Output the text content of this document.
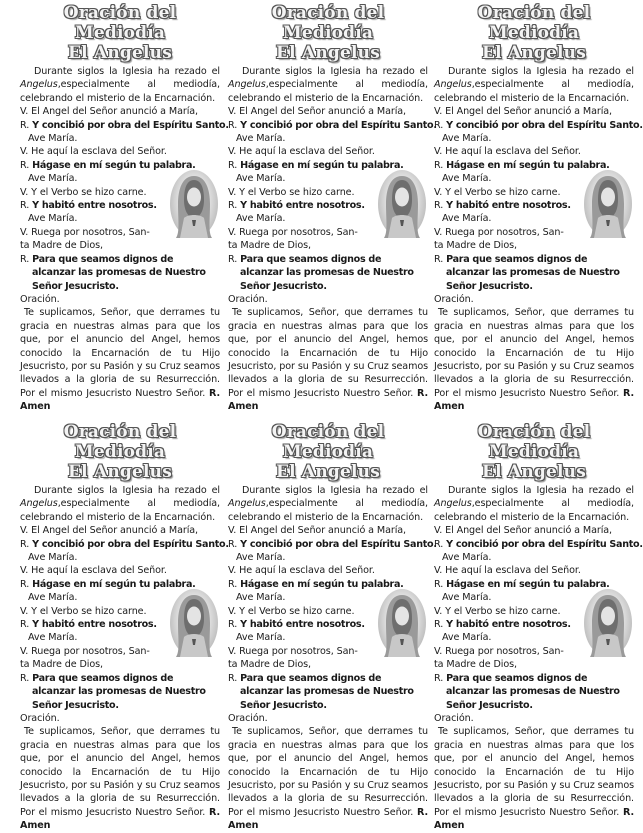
Oración del Mediodía
El Angelus
Durante siglos la Iglesia ha rezado el Angelus,especialmente al mediodía, celebrando el misterio de la Encarnación.
V. El Angel del Señor anunció a María,
R. Y concibió por obra del Espíritu Santo.
Ave María.
V. He aquí la esclava del Señor.
R. Hágase en mí según tu palabra.
Ave María.
V. Y el Verbo se hizo carne.
R. Y habitó entre nosotros.
Ave María.
V. Ruega por nosotros, San-
ta Madre de Dios,
R. Para que seamos dignos de
alcanzar las promesas de Nuestro
Señor Jesucristo.
Oración.
Te suplicamos, Señor, que derrames tu gracia en nuestras almas para que los que, por el anuncio del Angel, hemos conocido la Encarnación de tu Hijo Jesucristo, por su Pasión y su Cruz seamos llevados a la gloria de su Resurrección. Por el mismo Jesucristo Nuestro Señor. R. Amen
Oración del Mediodía
El Angelus
Durante siglos la Iglesia ha rezado el Angelus,especialmente al mediodía, celebrando el misterio de la Encarnación.
V. El Angel del Señor anunció a María,
R. Y concibió por obra del Espíritu Santo.
Ave María.
V. He aquí la esclava del Señor.
R. Hágase en mí según tu palabra.
Ave María.
V. Y el Verbo se hizo carne.
R. Y habitó entre nosotros.
Ave María.
V. Ruega por nosotros, San-
ta Madre de Dios,
R. Para que seamos dignos de
alcanzar las promesas de Nuestro
Señor Jesucristo.
Oración.
Te suplicamos, Señor, que derrames tu gracia en nuestras almas para que los que, por el anuncio del Angel, hemos conocido la Encarnación de tu Hijo Jesucristo, por su Pasión y su Cruz seamos llevados a la gloria de su Resurrección. Por el mismo Jesucristo Nuestro Señor. R. Amen
Oración del Mediodía
El Angelus
Durante siglos la Iglesia ha rezado el Angelus,especialmente al mediodía, celebrando el misterio de la Encarnación.
V. El Angel del Señor anunció a María,
R. Y concibió por obra del Espíritu Santo.
Ave María.
V. He aquí la esclava del Señor.
R. Hágase en mí según tu palabra.
Ave María.
V. Y el Verbo se hizo carne.
R. Y habitó entre nosotros.
Ave María.
V. Ruega por nosotros, San-
ta Madre de Dios,
R. Para que seamos dignos de
alcanzar las promesas de Nuestro
Señor Jesucristo.
Oración.
Te suplicamos, Señor, que derrames tu gracia en nuestras almas para que los que, por el anuncio del Angel, hemos conocido la Encarnación de tu Hijo Jesucristo, por su Pasión y su Cruz seamos llevados a la gloria de su Resurrección. Por el mismo Jesucristo Nuestro Señor. R. Amen
Oración del Mediodía
El Angelus
Durante siglos la Iglesia ha rezado el Angelus,especialmente al mediodía, celebrando el misterio de la Encarnación.
V. El Angel del Señor anunció a María,
R. Y concibió por obra del Espíritu Santo.
Ave María.
V. He aquí la esclava del Señor.
R. Hágase en mí según tu palabra.
Ave María.
V. Y el Verbo se hizo carne.
R. Y habitó entre nosotros.
Ave María.
V. Ruega por nosotros, San-
ta Madre de Dios,
R. Para que seamos dignos de
alcanzar las promesas de Nuestro
Señor Jesucristo.
Oración.
Te suplicamos, Señor, que derrames tu gracia en nuestras almas para que los que, por el anuncio del Angel, hemos conocido la Encarnación de tu Hijo Jesucristo, por su Pasión y su Cruz seamos llevados a la gloria de su Resurrección. Por el mismo Jesucristo Nuestro Señor. R. Amen
Oración del Mediodía
El Angelus
Durante siglos la Iglesia ha rezado el Angelus,especialmente al mediodía, celebrando el misterio de la Encarnación.
V. El Angel del Señor anunció a María,
R. Y concibió por obra del Espíritu Santo.
Ave María.
V. He aquí la esclava del Señor.
R. Hágase en mí según tu palabra.
Ave María.
V. Y el Verbo se hizo carne.
R. Y habitó entre nosotros.
Ave María.
V. Ruega por nosotros, San-
ta Madre de Dios,
R. Para que seamos dignos de
alcanzar las promesas de Nuestro
Señor Jesucristo.
Oración.
Te suplicamos, Señor, que derrames tu gracia en nuestras almas para que los que, por el anuncio del Angel, hemos conocido la Encarnación de tu Hijo Jesucristo, por su Pasión y su Cruz seamos llevados a la gloria de su Resurrección. Por el mismo Jesucristo Nuestro Señor. R. Amen
Oración del Mediodía
El Angelus
Durante siglos la Iglesia ha rezado el Angelus,especialmente al mediodía, celebrando el misterio de la Encarnación.
V. El Angel del Señor anunció a María,
R. Y concibió por obra del Espíritu Santo.
Ave María.
V. He aquí la esclava del Señor.
R. Hágase en mí según tu palabra.
Ave María.
V. Y el Verbo se hizo carne.
R. Y habitó entre nosotros.
Ave María.
V. Ruega por nosotros, San-
ta Madre de Dios,
R. Para que seamos dignos de
alcanzar las promesas de Nuestro
Señor Jesucristo.
Oración.
Te suplicamos, Señor, que derrames tu gracia en nuestras almas para que los que, por el anuncio del Angel, hemos conocido la Encarnación de tu Hijo Jesucristo, por su Pasión y su Cruz seamos llevados a la gloria de su Resurrección. Por el mismo Jesucristo Nuestro Señor. R. Amen
